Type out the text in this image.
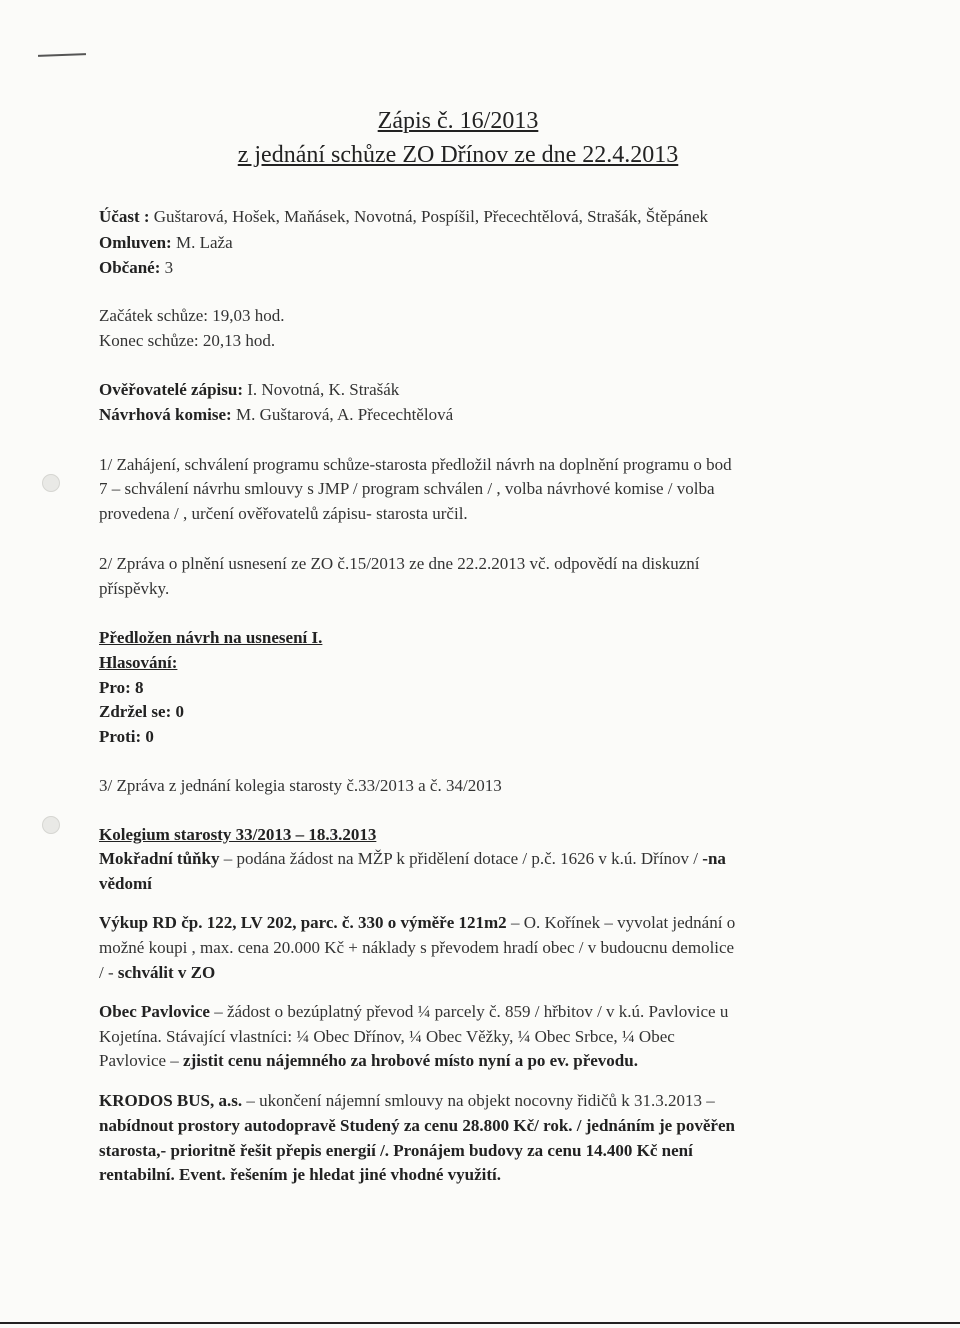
Zápis č. 16/2013
z jednání schůze ZO Dřínov ze dne 22.4.2013
Účast : Guštarová, Hošek, Maňásek, Novotná, Pospíšil, Přecechtělová, Strašák, Štěpánek
Omluven: M. Laža
Občané: 3
Začátek schůze: 19,03 hod.
Konec schůze: 20,13 hod.
Ověřovatelé zápisu: I. Novotná, K. Strašák
Návrhová komise: M. Guštarová, A. Přecechtělová
1/ Zahájení, schválení programu schůze-starosta předložil návrh na doplnění programu o bod
7 – schválení návrhu smlouvy s JMP / program schválen / , volba návrhové komise / volba
provedena / , určení ověřovatelů zápisu- starosta určil.
2/ Zpráva o plnění usnesení ze ZO č.15/2013 ze dne 22.2.2013 vč. odpovědí na diskuzní
příspěvky.
Předložen návrh na usnesení I.
Hlasování:
Pro: 8
Zdržel se: 0
Proti: 0
3/ Zpráva z jednání kolegia starosty č.33/2013 a č. 34/2013
Kolegium starosty 33/2013 – 18.3.2013
Mokřadní tůňky – podána žádost na MŽP k přidělení dotace / p.č. 1626 v k.ú. Dřínov / -na
vědomí
Výkup RD čp. 122, LV 202, parc. č. 330 o výměře 121m2 – O. Kořínek – vyvolat jednání o
možné koupi , max. cena 20.000 Kč + náklady s převodem hradí obec / v budoucnu demolice
/ - schválit v ZO
Obec Pavlovice – žádost o bezúplatný převod ¼ parcely č. 859 / hřbitov / v k.ú. Pavlovice u
Kojetína. Stávající vlastníci: ¼ Obec Dřínov, ¼ Obec Věžky, ¼ Obec Srbce, ¼ Obec
Pavlovice – zjistit cenu nájemného za hrobové místo nyní a po ev. převodu.
KRODOS BUS, a.s. – ukončení nájemní smlouvy na objekt nocovny řidičů k 31.3.2013 –
nabídnout prostory autodopravě Studený za cenu 28.800 Kč/ rok. / jednáním je pověřen
starosta,- prioritně řešit přepis energií /. Pronájem budovy za cenu 14.400 Kč není
rentabilní. Event. řešením je hledat jiné vhodné využití.
